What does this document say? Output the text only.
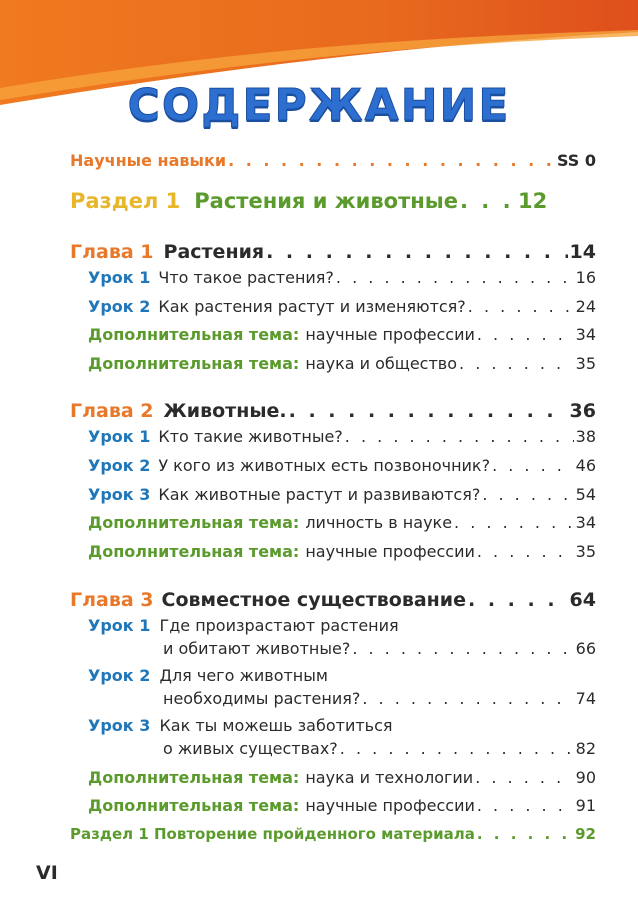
СОДЕРЖАНИЕ
Научные навыки . . .	SS 0
Раздел 1 Растения и животные . . .	12
Глава 1 Растения . . .	14
Урок 1 Что такое растения? . . .	16
Урок 2 Как растения растут и изменяются? . . .	24
Дополнительная тема: научные профессии . . .	34
Дополнительная тема: наука и общество . . .	35
Глава 2 Животные. . . .	36
Урок 1 Кто такие животные? . . .	38
Урок 2 У кого из животных есть позвоночник? . . .	46
Урок 3 Как животные растут и развиваются? . . .	54
Дополнительная тема: личность в науке . . .	34
Дополнительная тема: научные профессии . . .	35
Глава 3 Совместное существование . . .	64
Урок 1 Где произрастают растения
и обитают животные? . . .	66
Урок 2 Для чего животным
необходимы растения? . . .	74
Урок 3 Как ты можешь заботиться
о живых существах? . . .	82
Дополнительная тема: наука и технологии . . .	90
Дополнительная тема: научные профессии . . .	91
Раздел 1 Повторение пройденного материала . . .	92
VI
